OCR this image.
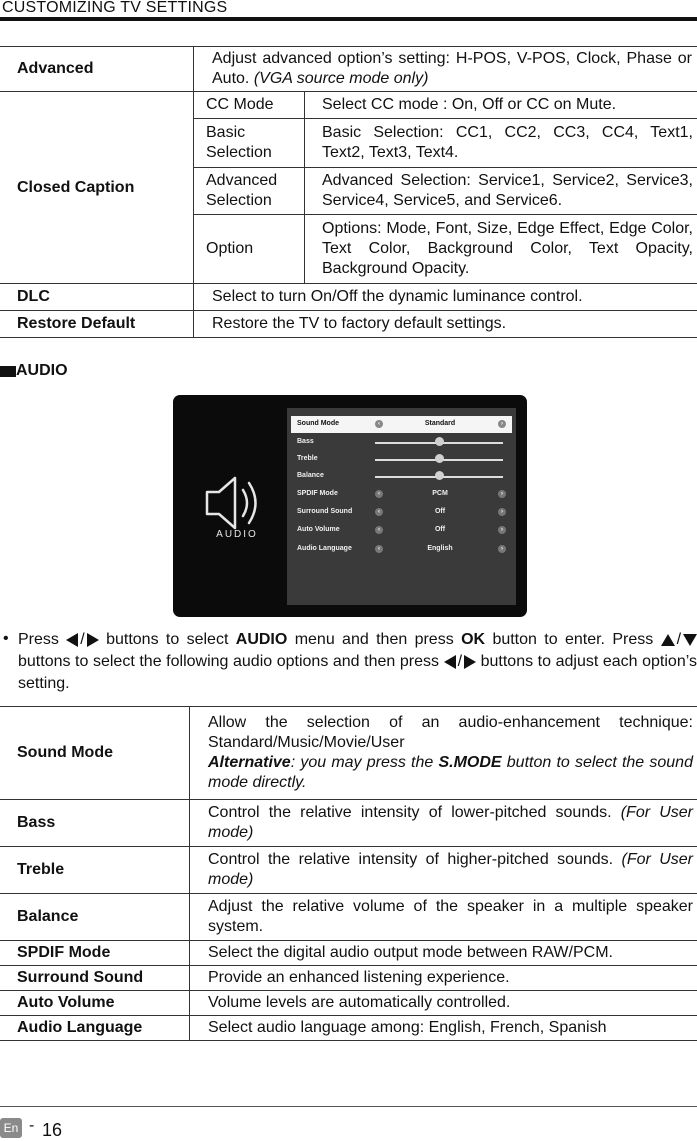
CUSTOMIZING TV SETTINGS
Advanced	Adjust advanced option’s setting: H-POS, V-POS, Clock, Phase or Auto. (VGA source mode only)	
Closed Caption	CC Mode	Select CC mode : On, Off or CC on Mute.
	Basic Selection	Basic Selection: CC1, CC2, CC3, CC4, Text1, Text2, Text3, Text4.
	Advanced Selection	Advanced Selection: Service1, Service2, Service3, Service4, Service5, and Service6.
	Option	Options: Mode, Font, Size, Edge Effect, Edge Color, Text Color, Background Color, Text Opacity, Background Opacity.
DLC	Select to turn On/Off the dynamic luminance control.	
Restore Default	Restore the TV to factory default settings.	
AUDIO
AUDIO
Sound Mode	‹	Standard	›
Bass
Treble
Balance
SPDIF Mode	‹	PCM	›
Surround Sound	‹	Off	›
Auto Volume	‹	Off	›
Audio Language	‹	English	›
• Press / buttons to select AUDIO menu and then press OK button to enter. Press / buttons to select the following audio options and then press / buttons to adjust each option’s setting.
Sound Mode	Allow the selection of an audio-enhancement technique: Standard/Music/Movie/User
Alternative: you may press the S.MODE button to select the sound mode directly.
Bass	Control the relative intensity of lower-pitched sounds. (For User mode)
Treble	Control the relative intensity of higher-pitched sounds. (For User mode)
Balance	Adjust the relative volume of the speaker in a multiple speaker system.
SPDIF Mode	Select the digital audio output mode between RAW/PCM.
Surround Sound	Provide an enhanced listening experience.
Auto Volume	Volume levels are automatically controlled.
Audio Language	Select audio language among: English, French, Spanish
En - 16
